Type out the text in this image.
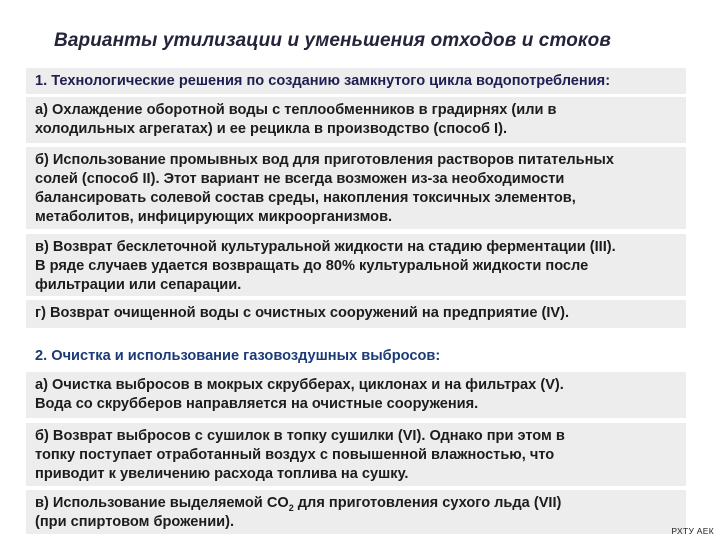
Варианты утилизации и уменьшения отходов и стоков
1. Технологические решения по созданию замкнутого цикла водопотребления:
а) Охлаждение оборотной воды с теплообменников в градирнях (или в
холодильных агрегатах) и ее рецикла в производство (способ I).
б) Использование промывных вод для приготовления растворов питательных
солей (способ II). Этот вариант не всегда возможен из-за необходимости
балансировать солевой состав среды, накопления токсичных элементов,
метаболитов, инфицирующих микроорганизмов.
в) Возврат бесклеточной культуральной жидкости на стадию ферментации (III).
В ряде случаев удается возвращать до 80% культуральной жидкости после
фильтрации или сепарации.
г) Возврат очищенной воды с очистных сооружений на предприятие (IV).
2. Очистка и использование газовоздушных выбросов:
а) Очистка выбросов в мокрых скрубберах, циклонах и на фильтрах (V).
Вода со скрубберов направляется на очистные сооружения.
б) Возврат выбросов с сушилок в топку сушилки (VI). Однако при этом в
топку поступает отработанный воздух с повышенной влажностью, что
приводит к увеличению расхода топлива на сушку.
в) Использование выделяемой $CO_2$ для приготовления сухого льда (VII)
(при спиртовом брожении).
РХТУ АЕК
